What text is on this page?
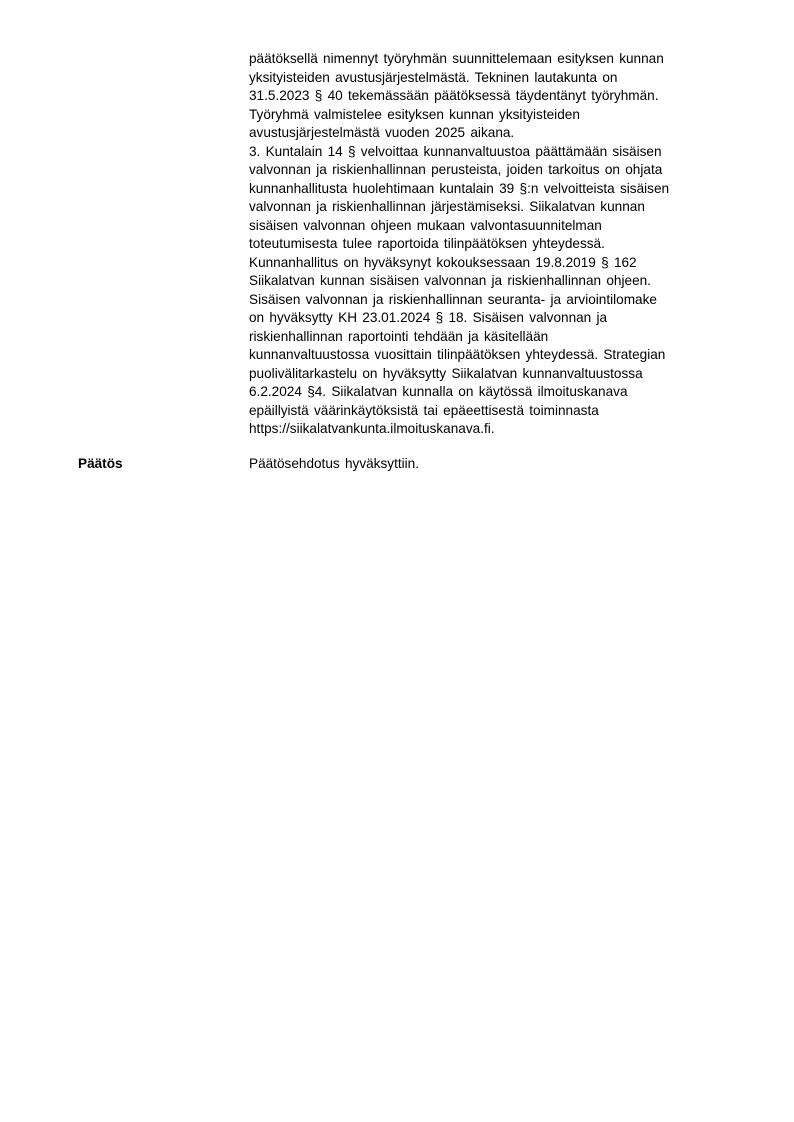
päätöksellä nimennyt työryhmän suunnittelemaan esityksen kunnan
yksityisteiden avustusjärjestelmästä. Tekninen lautakunta on
31.5.2023 § 40 tekemässään päätöksessä täydentänyt työryhmän.
Työryhmä valmistelee esityksen kunnan yksityisteiden
avustusjärjestelmästä vuoden 2025 aikana.
3. Kuntalain 14 § velvoittaa kunnanvaltuustoa päättämään sisäisen
valvonnan ja riskienhallinnan perusteista, joiden tarkoitus on ohjata
kunnanhallitusta huolehtimaan kuntalain 39 §:n velvoitteista sisäisen
valvonnan ja riskienhallinnan järjestämiseksi. Siikalatvan kunnan
sisäisen valvonnan ohjeen mukaan valvontasuunnitelman
toteutumisesta tulee raportoida tilinpäätöksen yhteydessä.
Kunnanhallitus on hyväksynyt kokouksessaan 19.8.2019 § 162
Siikalatvan kunnan sisäisen valvonnan ja riskienhallinnan ohjeen.
Sisäisen valvonnan ja riskienhallinnan seuranta- ja arviointilomake
on hyväksytty KH 23.01.2024 § 18. Sisäisen valvonnan ja
riskienhallinnan raportointi tehdään ja käsitellään
kunnanvaltuustossa vuosittain tilinpäätöksen yhteydessä. Strategian
puolivälitarkastelu on hyväksytty Siikalatvan kunnanvaltuustossa
6.2.2024 §4. Siikalatvan kunnalla on käytössä ilmoituskanava
epäillyistä väärinkäytöksistä tai epäeettisestä toiminnasta
https://siikalatvankunta.ilmoituskanava.fi.
Päätös	Päätösehdotus hyväksyttiin.
